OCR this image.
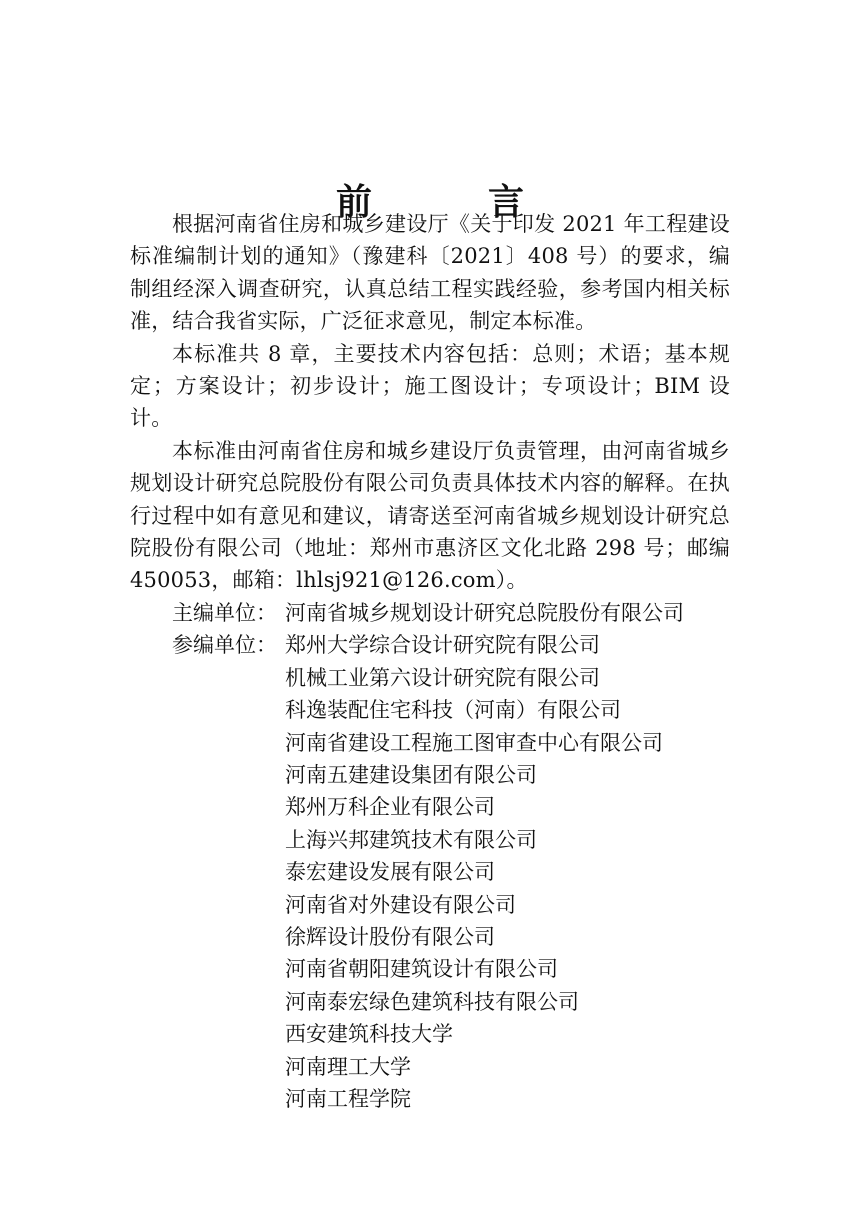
前　言

根据河南省住房和城乡建设厅《关于印发 2021 年工程建设标准编制计划的通知》（豫建科〔2021〕408 号）的要求，编制组经深入调查研究，认真总结工程实践经验，参考国内相关标准，结合我省实际，广泛征求意见，制定本标准。

本标准共 8 章，主要技术内容包括：总则；术语；基本规定；方案设计；初步设计；施工图设计；专项设计；BIM 设计。

本标准由河南省住房和城乡建设厅负责管理，由河南省城乡规划设计研究总院股份有限公司负责具体技术内容的解释。在执行过程中如有意见和建议，请寄送至河南省城乡规划设计研究总院股份有限公司（地址：郑州市惠济区文化北路 298 号；邮编 450053，邮箱：lhlsj921@126.com）。

主编单位： 河南省城乡规划设计研究总院股份有限公司
参编单位： 郑州大学综合设计研究院有限公司
机械工业第六设计研究院有限公司
科逸装配住宅科技（河南）有限公司
河南省建设工程施工图审查中心有限公司
河南五建建设集团有限公司
郑州万科企业有限公司
上海兴邦建筑技术有限公司
泰宏建设发展有限公司
河南省对外建设有限公司
徐辉设计股份有限公司
河南省朝阳建筑设计有限公司
河南泰宏绿色建筑科技有限公司
西安建筑科技大学
河南理工大学
河南工程学院
